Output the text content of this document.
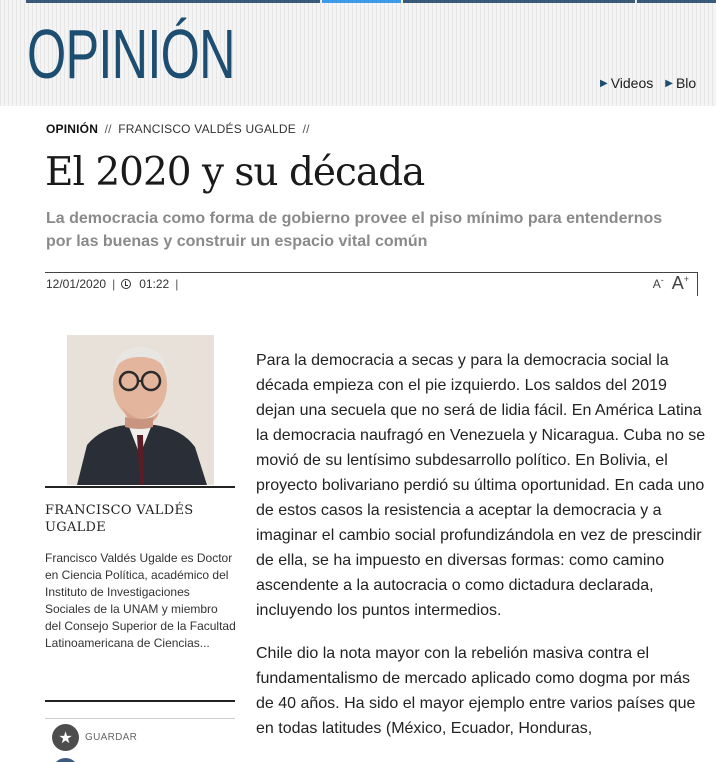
OPINIÓN	▶ Videos ▶ Blo
OPINIÓN // FRANCISCO VALDÉS UGALDE //
El 2020 y su década
La democracia como forma de gobierno provee el piso mínimo para entendernos por las buenas y construir un espacio vital común
12/01/2020 | 01:22 |	A- A+
FRANCISCO VALDÉS UGALDE

Francisco Valdés Ugalde es Doctor en Ciencia Política, académico del Instituto de Investigaciones Sociales de la UNAM y miembro del Consejo Superior de la Facultad Latinoamericana de Ciencias...

★	GUARDAR

Para la democracia a secas y para la democracia social la década empieza con el pie izquierdo. Los saldos del 2019 dejan una secuela que no será de lidia fácil. En América Latina la democracia naufragó en Venezuela y Nicaragua. Cuba no se movió de su lentísimo subdesarrollo político. En Bolivia, el proyecto bolivariano perdió su última oportunidad. En cada uno de estos casos la resistencia a aceptar la democracia y a imaginar el cambio social profundizándola en vez de prescindir de ella, se ha impuesto en diversas formas: como camino ascendente a la autocracia o como dictadura declarada, incluyendo los puntos intermedios.

Chile dio la nota mayor con la rebelión masiva contra el fundamentalismo de mercado aplicado como dogma por más de 40 años. Ha sido el mayor ejemplo entre varios países que en todas latitudes (México, Ecuador, Honduras,
